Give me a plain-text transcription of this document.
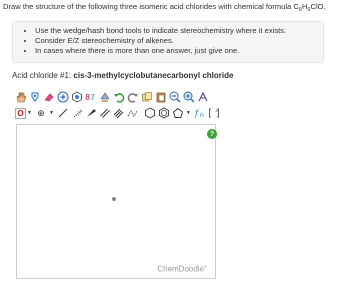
Draw the structure of the following three isomeric acid chlorides with chemical formula $C_6H_9ClO$.
• Use the wedge/hash bond tools to indicate stereochemistry where it exists.
• Consider E/Z stereochemistry of alkenes.
• In cases where there is more than one answer, just give one.
Acid chloride #1: cis-3-methylcyclobutanecarbonyl chloride
8 7
O ▼ ⊕ ▼	▼ f n
±
?
ChemDoodle®
